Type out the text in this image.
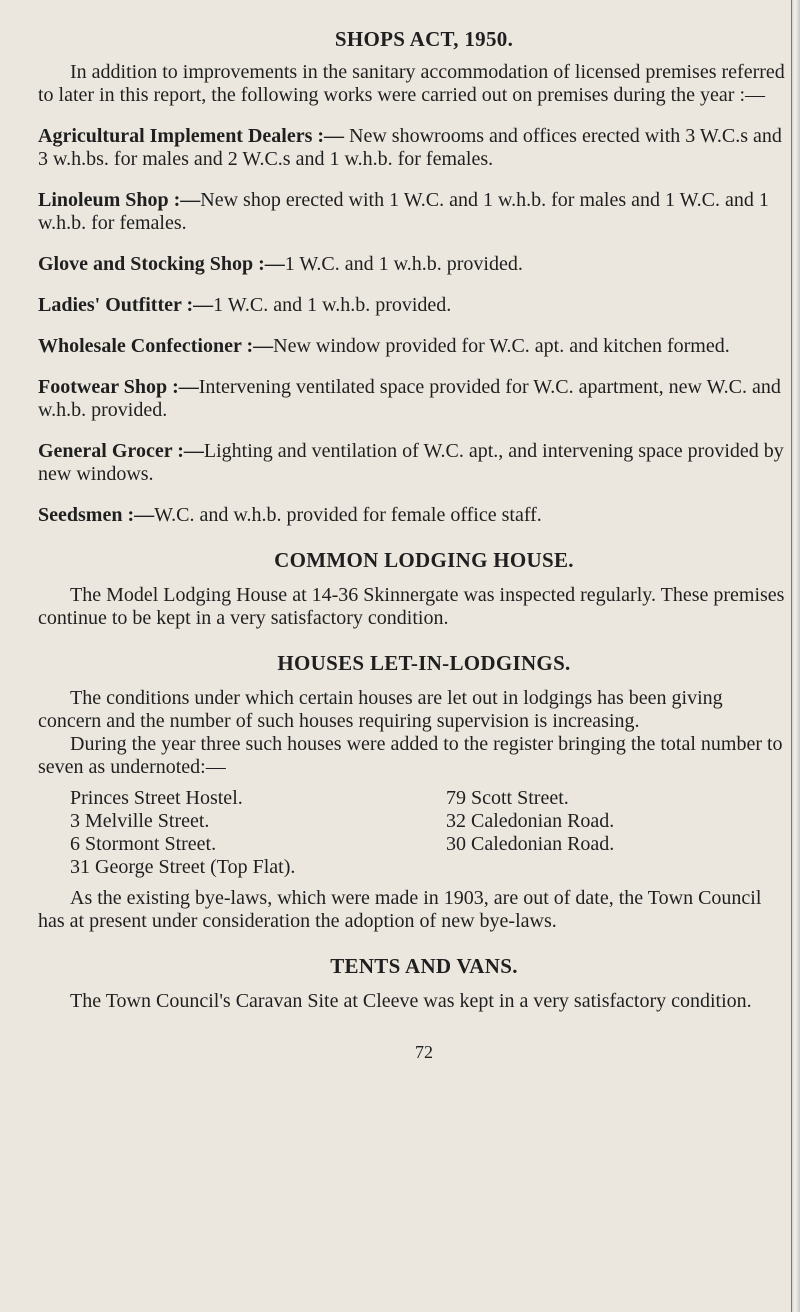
SHOPS ACT, 1950.

In addition to improvements in the sanitary accommodation of licensed premises referred to later in this report, the following works were carried out on premises during the year :—

Agricultural Implement Dealers :— New showrooms and offices erected with 3 W.C.s and 3 w.h.bs. for males and 2 W.C.s and 1 w.h.b. for females.

Linoleum Shop :—New shop erected with 1 W.C. and 1 w.h.b. for males and 1 W.C. and 1 w.h.b. for females.

Glove and Stocking Shop :—1 W.C. and 1 w.h.b. provided.

Ladies' Outfitter :—1 W.C. and 1 w.h.b. provided.

Wholesale Confectioner :—New window provided for W.C. apt. and kitchen formed.

Footwear Shop :—Intervening ventilated space provided for W.C. apartment, new W.C. and w.h.b. provided.

General Grocer :—Lighting and ventilation of W.C. apt., and intervening space provided by new windows.

Seedsmen :—W.C. and w.h.b. provided for female office staff.

COMMON LODGING HOUSE.

The Model Lodging House at 14-36 Skinnergate was inspected regularly. These premises continue to be kept in a very satisfactory condition.

HOUSES LET-IN-LODGINGS.

The conditions under which certain houses are let out in lodgings has been giving concern and the number of such houses requiring supervision is increasing.

During the year three such houses were added to the register bringing the total number to seven as undernoted:—

Princes Street Hostel.	79 Scott Street.
3 Melville Street.	32 Caledonian Road.
6 Stormont Street.	30 Caledonian Road.
31 George Street (Top Flat).

As the existing bye-laws, which were made in 1903, are out of date, the Town Council has at present under consideration the adoption of new bye-laws.

TENTS AND VANS.

The Town Council's Caravan Site at Cleeve was kept in a very satisfactory condition.

72
